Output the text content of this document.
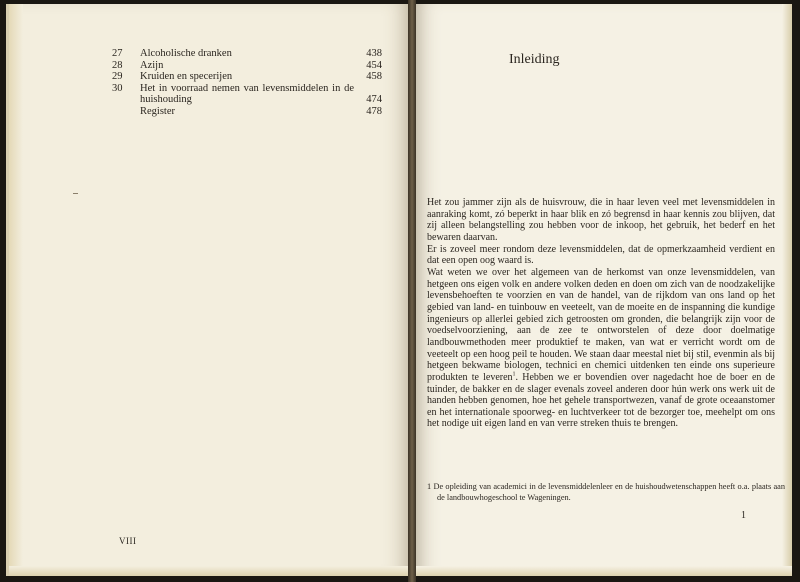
27	Alcoholische dranken	438
28	Azijn	454
29	Kruiden en specerijen	458
30	Het in voorraad nemen van levensmiddelen in de huishouding	474
Register	478
VIII
Inleiding

Het zou jammer zijn als de huisvrouw, die in haar leven veel met levensmiddelen in aanraking komt, zó beperkt in haar blik en zó begrensd in haar kennis zou blijven, dat zij alleen belangstelling zou hebben voor de inkoop, het gebruik, het bederf en het bewaren daarvan.

Er is zoveel meer rondom deze levensmiddelen, dat de opmerkzaamheid verdient en dat een open oog waard is.

Wat weten we over het algemeen van de herkomst van onze levensmiddelen, van hetgeen ons eigen volk en andere volken deden en doen om zich van de noodzakelijke levensbehoeften te voorzien en van de handel, van de rijkdom van ons land op het gebied van land- en tuinbouw en veeteelt, van de moeite en de inspanning die kundige ingenieurs op allerlei gebied zich getroosten om gronden, die belangrijk zijn voor de voedselvoorziening, aan de zee te ontworstelen of deze door doelmatige landbouwmethoden meer produktief te maken, van wat er verricht wordt om de veeteelt op een hoog peil te houden. We staan daar meestal niet bij stil, evenmin als bij hetgeen bekwame biologen, technici en chemici uitdenken ten einde ons superieure produkten te leveren$^1$. Hebben we er bovendien over nagedacht hoe de boer en de tuinder, de bakker en de slager evenals zoveel anderen door hún werk ons werk uit de handen hebben genomen, hoe het gehele transportwezen, vanaf de grote oceaanstomer en het internationale spoorweg- en luchtverkeer tot de bezorger toe, meehelpt om ons het nodige uit eigen land en van verre streken thuis te brengen.

1 De opleiding van academici in de levensmiddelenleer en de huishoudwetenschappen heeft o.a. plaats aan de landbouwhogeschool te Wageningen.
1
